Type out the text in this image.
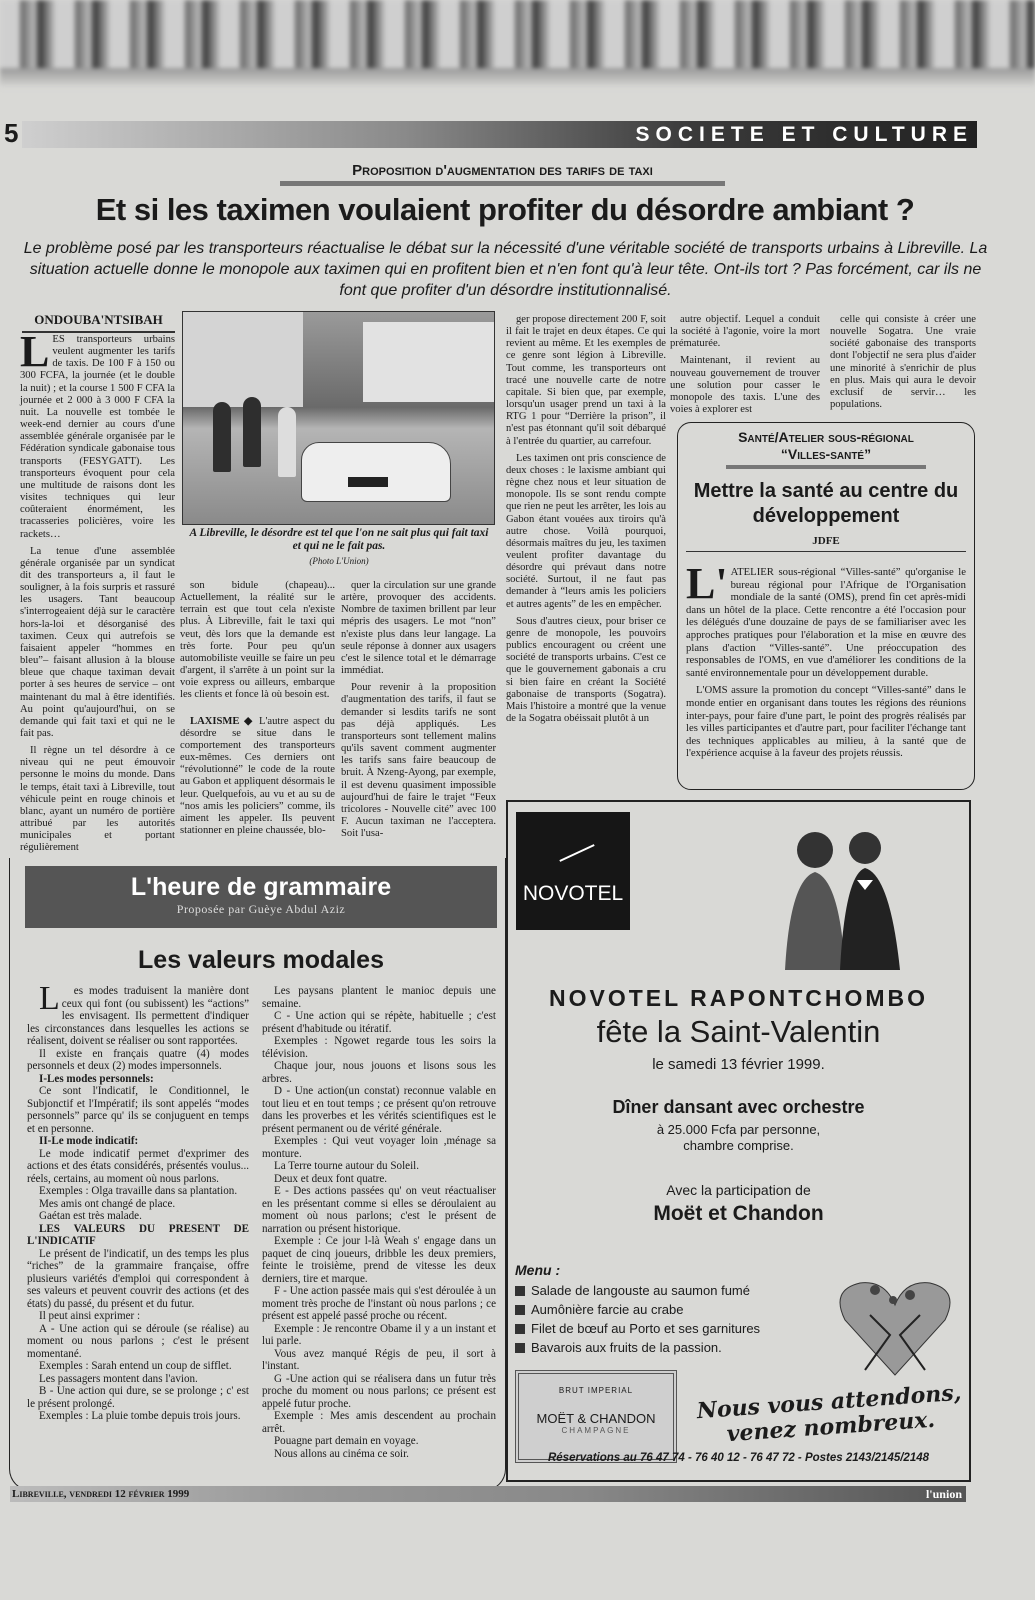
5	SOCIETE ET CULTURE
Proposition d'augmentation des tarifs de taxi
Et si les taximen voulaient profiter du désordre ambiant ?
Le problème posé par les transporteurs réactualise le débat sur la nécessité d'une véritable société de transports urbains à Libreville. La situation actuelle donne le monopole aux taximen qui en profitent bien et n'en font qu'à leur tête. Ont-ils tort ? Pas forcément, car ils ne font que profiter d'un désordre institutionnalisé.
ONDOUBA'NTSIBAH

LES transporteurs urbains veulent augmenter les tarifs de taxis. De 100 F à 150 ou 300 FCFA, la journée (et le double la nuit) ; et la course 1 500 F CFA la journée et 2 000 à 3 000 F CFA la nuit. La nouvelle est tombée le week-end dernier au cours d'une assemblée générale organisée par le Fédération syndicale gabonaise tous transports (FESYGATT). Les transporteurs évoquent pour cela une multitude de raisons dont les visites techniques qui leur coûteraient énormément, les tracasseries policières, voire les rackets…

La tenue d'une assemblée générale organisée par un syndicat dit des transporteurs a, il faut le souligner, à la fois surpris et rassuré les usagers. Tant beaucoup s'interrogeaient déjà sur le caractère hors-la-loi et désorganisé des taximen. Ceux qui autrefois se faisaient appeler “hommes en bleu”– faisant allusion à la blouse bleue que chaque taximan devait porter à ses heures de service – ont maintenant du mal à être identifiés. Au point qu'aujourd'hui, on se demande qui fait taxi et qui ne le fait pas.

Il règne un tel désordre à ce niveau qui ne peut émouvoir personne le moins du monde. Dans le temps, était taxi à Libreville, tout véhicule peint en rouge chinois et blanc, ayant un numéro de portière attribué par les autorités municipales et portant régulièrement

A Libreville, le désordre est tel que l'on ne sait plus qui fait taxi et qui ne le fait pas.
(Photo L'Union)

son bidule (chapeau)... Actuellement, la réalité sur le terrain est que tout cela n'existe plus. À Libreville, fait le taxi qui veut, dès lors que la demande est très forte. Pour peu qu'un automobiliste veuille se faire un peu d'argent, il s'arrête à un point sur la voie express ou ailleurs, embarque les clients et fonce là où besoin est.

LAXISME ◆ L'autre aspect du désordre se situe dans le comportement des transporteurs eux-mêmes. Ces derniers ont “révolutionné” le code de la route au Gabon et appliquent désormais le leur. Quelquefois, au vu et au su de “nos amis les policiers” comme, ils aiment les appeler. Ils peuvent stationner en pleine chaussée, blo-

quer la circulation sur une grande artère, provoquer des accidents. Nombre de taximen brillent par leur mépris des usagers. Le mot “non” n'existe plus dans leur langage. La seule réponse à donner aux usagers c'est le silence total et le démarrage immédiat.

Pour revenir à la proposition d'augmentation des tarifs, il faut se demander si lesdits tarifs ne sont pas déjà appliqués. Les transporteurs sont tellement malins qu'ils savent comment augmenter les tarifs sans faire beaucoup de bruit. À Nzeng-Ayong, par exemple, il est devenu quasiment impossible aujourd'hui de faire le trajet “Feux tricolores - Nouvelle cité” avec 100 F. Aucun taximan ne l'acceptera. Soit l'usa-

ger propose directement 200 F, soit il fait le trajet en deux étapes. Ce qui revient au même. Et les exemples de ce genre sont légion à Libreville. Tout comme, les transporteurs ont tracé une nouvelle carte de notre capitale. Si bien que, par exemple, lorsqu'un usager prend un taxi à la RTG 1 pour “Derrière la prison”, il n'est pas étonnant qu'il soit débarqué à l'entrée du quartier, au carrefour.

Les taximen ont pris conscience de deux choses : le laxisme ambiant qui règne chez nous et leur situation de monopole. Ils se sont rendu compte que rien ne peut les arrêter, les lois au Gabon étant vouées aux tiroirs qu'à autre chose. Voilà pourquoi, désormais maîtres du jeu, les taximen veulent profiter davantage du désordre qui prévaut dans notre société. Surtout, il ne faut pas demander à “leurs amis les policiers et autres agents” de les en empêcher.

Sous d'autres cieux, pour briser ce genre de monopole, les pouvoirs publics encouragent ou créent une société de transports urbains. C'est ce que le gouvernement gabonais a cru si bien faire en créant la Société gabonaise de transports (Sogatra). Mais l'histoire a montré que la venue de la Sogatra obéissait plutôt à un

autre objectif. Lequel a conduit la société à l'agonie, voire la mort prématurée.

Maintenant, il revient au nouveau gouvernement de trouver une solution pour casser le monopole des taxis. L'une des voies à explorer est

celle qui consiste à créer une nouvelle Sogatra. Une vraie société gabonaise des transports dont l'objectif ne sera plus d'aider une minorité à s'enrichir de plus en plus. Mais qui aura le devoir exclusif de servir… les populations.

Santé/Atelier sous-régional “Villes-santé”
Mettre la santé au centre du développement
JDFE

L'ATELIER sous-régional “Villes-santé” qu'organise le bureau régional pour l'Afrique de l'Organisation mondiale de la santé (OMS), prend fin cet après-midi dans un hôtel de la place. Cette rencontre a été l'occasion pour les délégués d'une douzaine de pays de se familiariser avec les approches pratiques pour l'élaboration et la mise en œuvre des plans d'action “Villes-santé”. Une préoccupation des responsables de l'OMS, en vue d'améliorer les conditions de la santé environnementale pour un développement durable.

L'OMS assure la promotion du concept “Villes-santé” dans le monde entier en organisant dans toutes les régions des réunions inter-pays, pour faire d'une part, le point des progrès réalisés par les villes participantes et d'autre part, pour faciliter l'échange tant des techniques applicables au milieu, à la santé que de l'expérience acquise à la faveur des projets réussis.

L'heure de grammaire
Proposée par Guèye Abdul Aziz
Les valeurs modales

Les modes traduisent la manière dont ceux qui font (ou subissent) les “actions” les envisagent. Ils permettent d'indiquer les circonstances dans lesquelles les actions se réalisent, doivent se réaliser ou sont rapportées.

Il existe en français quatre (4) modes personnels et deux (2) modes impersonnels.

I-Les modes personnels:

Ce sont l'Indicatif, le Conditionnel, le Subjonctif et l'Impératif; ils sont appelés “modes personnels” parce qu' ils se conjuguent en temps et en personne.

II-Le mode indicatif:

Le mode indicatif permet d'exprimer des actions et des états considérés, présentés voulus... réels, certains, au moment où nous parlons.

Exemples : Olga travaille dans sa plantation.

Mes amis ont changé de place.

Gaétan est très malade.

LES VALEURS DU PRESENT DE L'INDICATIF

Le présent de l'indicatif, un des temps les plus “riches” de la grammaire française, offre plusieurs variétés d'emploi qui correspondent à ses valeurs et peuvent couvrir des actions (et des états) du passé, du présent et du futur.

Il peut ainsi exprimer :

A - Une action qui se déroule (se réalise) au moment ou nous parlons ; c'est le présent momentané.

Exemples : Sarah entend un coup de sifflet.

Les passagers montent dans l'avion.

B - Une action qui dure, se se prolonge ; c' est le présent prolongé.

Exemples : La pluie tombe depuis trois jours.

Les paysans plantent le manioc depuis une semaine.

C - Une action qui se répète, habituelle ; c'est présent d'habitude ou itératif.

Exemples : Ngowet regarde tous les soirs la télévision.

Chaque jour, nous jouons et lisons sous les arbres.

D - Une action(un constat) reconnue valable en tout lieu et en tout temps ; ce présent qu'on retrouve dans les proverbes et les vérités scientifiques est le présent permanent ou de vérité générale.

Exemples : Qui veut voyager loin ,ménage sa monture.

La Terre tourne autour du Soleil.

Deux et deux font quatre.

E - Des actions passées qu' on veut réactualiser en les présentant comme si elles se déroulaient au moment où nous parlons; c'est le présent de narration ou présent historique.

Exemple : Ce jour l-là Weah s' engage dans un paquet de cinq joueurs, dribble les deux premiers, feinte le troisième, prend de vitesse les deux derniers, tire et marque.

F - Une action passée mais qui s'est déroulée à un moment très proche de l'instant où nous parlons ; ce présent est appelé passé proche ou récent.

Exemple : Je rencontre Obame il y a un instant et lui parle.

Vous avez manqué Régis de peu, il sort à l'instant.

G -Une action qui se réalisera dans un futur très proche du moment ou nous parlons; ce présent est appelé futur proche.

Exemple : Mes amis descendent au prochain arrêt.

Pouagne part demain en voyage.

Nous allons au cinéma ce soir.

NOVOTEL
NOVOTEL RAPONTCHOMBO
fête la Saint-Valentin
le samedi 13 février 1999.
Dîner dansant avec orchestre
à 25.000 Fcfa par personne,
chambre comprise.
Avec la participation de
Moët et Chandon
Menu :
Salade de langouste au saumon fumé
Aumônière farcie au crabe
Filet de bœuf au Porto et ses garnitures
Bavarois aux fruits de la passion.
BRUT IMPERIAL
MOËT & CHANDON
CHAMPAGNE
Nous vous attendons, venez nombreux.
Réservations au 76 47 74 - 76 40 12 - 76 47 72 - Postes 2143/2145/2148
Libreville, vendredi 12 février 1999	l'union
